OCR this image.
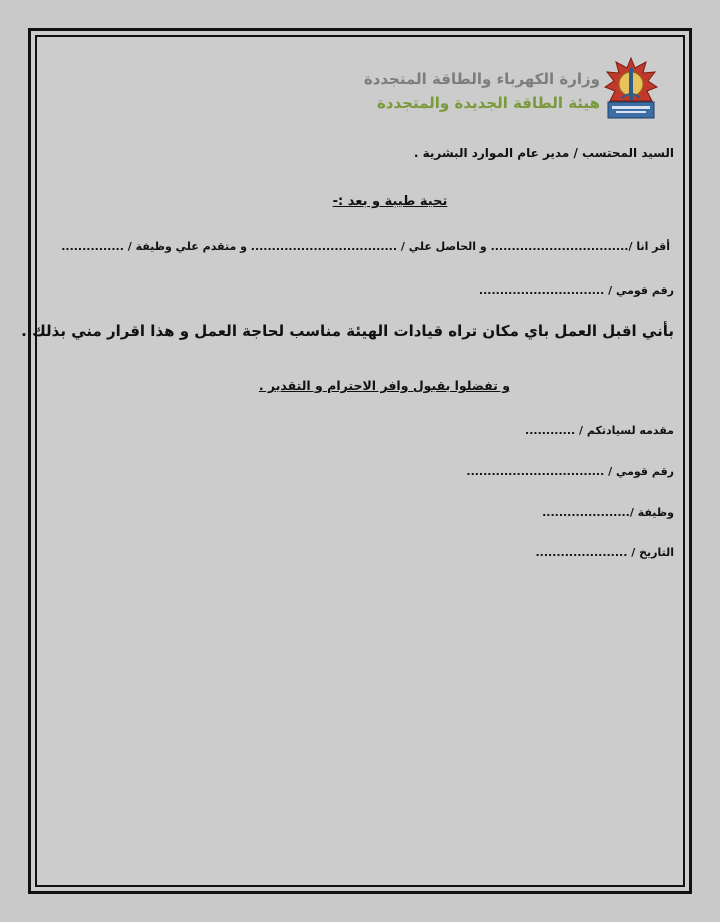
وزارة الكهرباء والطاقة المتجددة
هيئة الطاقة الجديدة والمتجددة
السيد المحتسب / مدير عام الموارد البشرية .
تحية طيبة و بعد :-
أقر انا /................................. و الحاصل علي / ................................... و متقدم علي وظيفة / ...............
رقم قومي / ..............................
بأني اقبل العمل باي مكان تراه قيادات الهيئة مناسب لحاجة العمل و هذا اقرار مني بذلك .
و تفضلوا بقبول وافر الاحترام و التقدير .
مقدمه لسيادتكم / ............
رقم قومي / .................................
وظيفة /.....................
التاريخ / ......................
